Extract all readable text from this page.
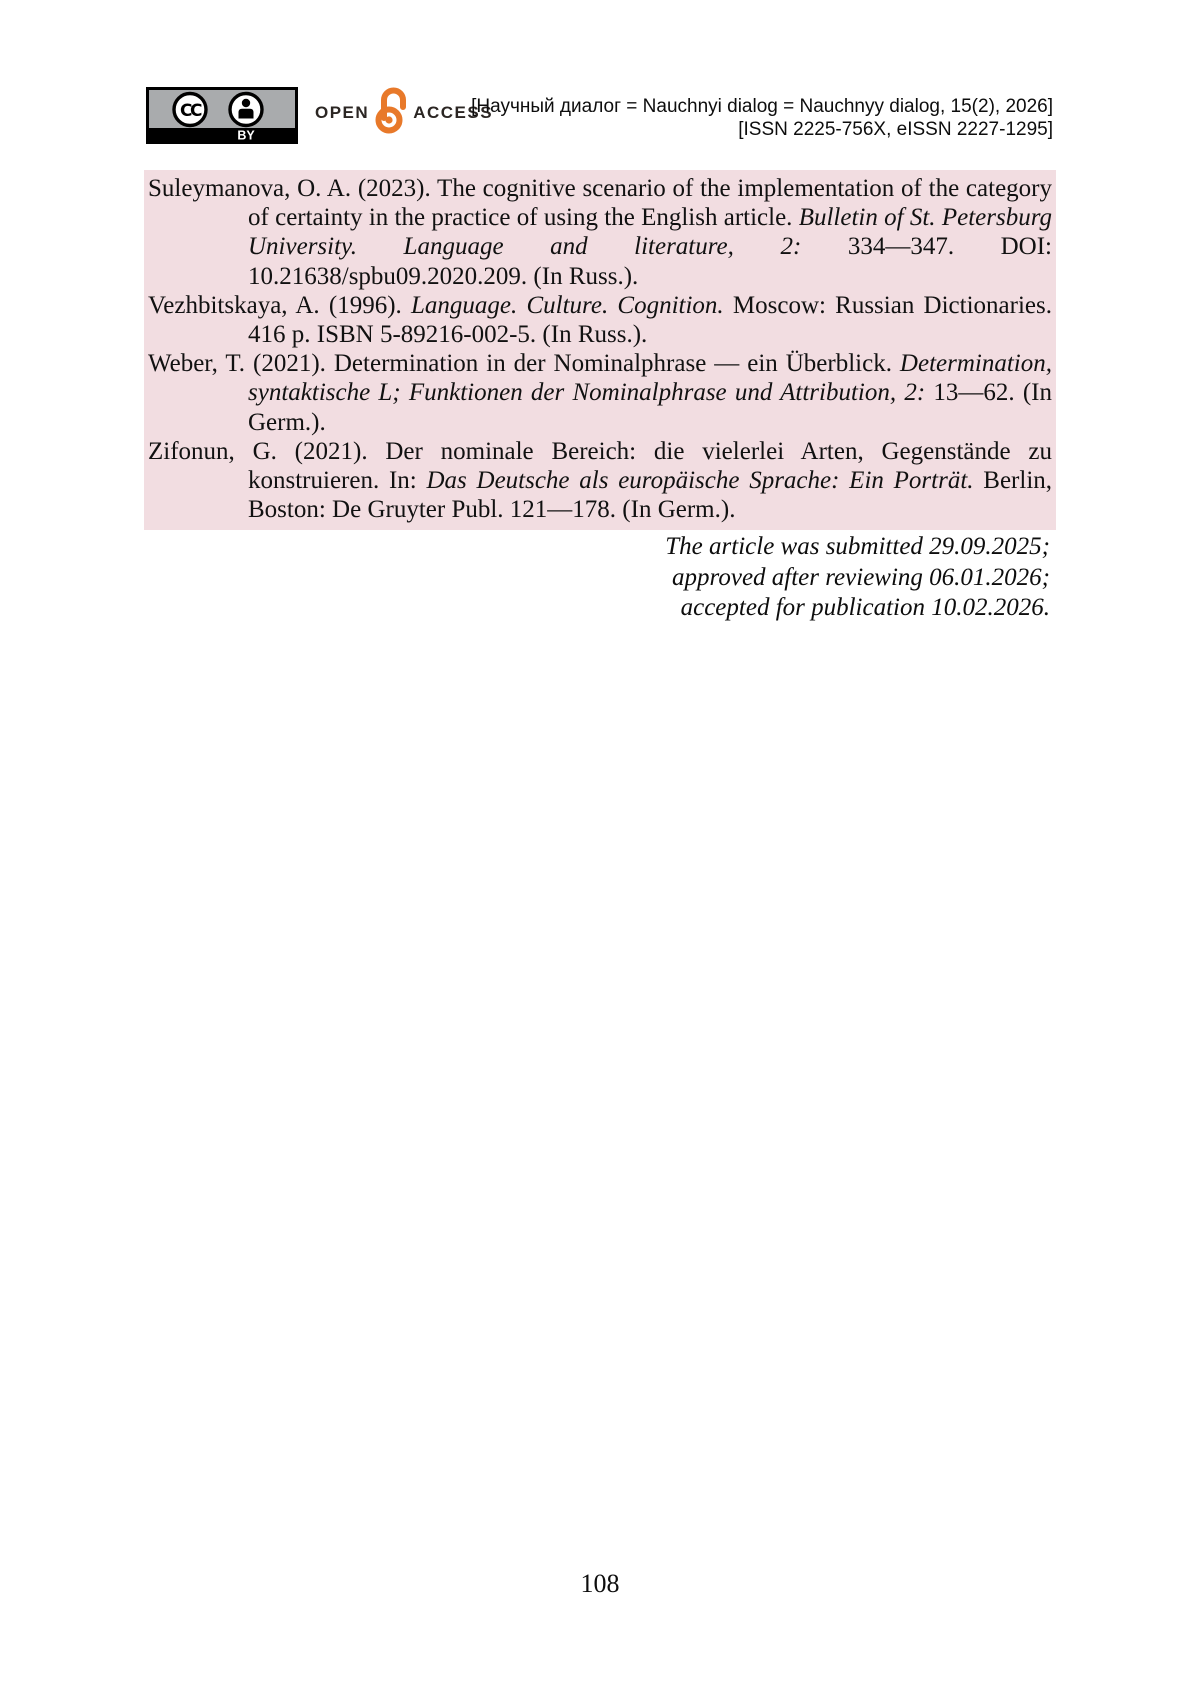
CC
BY
OPEN	ACCESS
[Научный диалог = Nauchnyi dialog = Nauchnyy dialog, 15(2), 2026]
[ISSN 2225-756X, eISSN 2227-1295]

Suleymanova, O. A. (2023). The cognitive scenario of the implementation of the category of certainty in the practice of using the English article. Bulletin of St. Petersburg University. Language and literature, 2: 334—347. DOI: 10.21638/spbu09.2020.209. (In Russ.).

Vezhbitskaya, A. (1996). Language. Culture. Cognition. Moscow: Russian Dictionaries. 416 p. ISBN 5-89216-002-5. (In Russ.).

Weber, T. (2021). Determination in der Nominalphrase — ein Überblick. Determination, syntaktische L; Funktionen der Nominalphrase und Attribution, 2: 13—62. (In Germ.).

Zifonun, G. (2021). Der nominale Bereich: die vielerlei Arten, Gegenstände zu konstruieren. In: Das Deutsche als europäische Sprache: Ein Porträt. Berlin, Boston: De Gruyter Publ. 121—178. (In Germ.).

The article was submitted 29.09.2025;
approved after reviewing 06.01.2026;
accepted for publication 10.02.2026.
108
